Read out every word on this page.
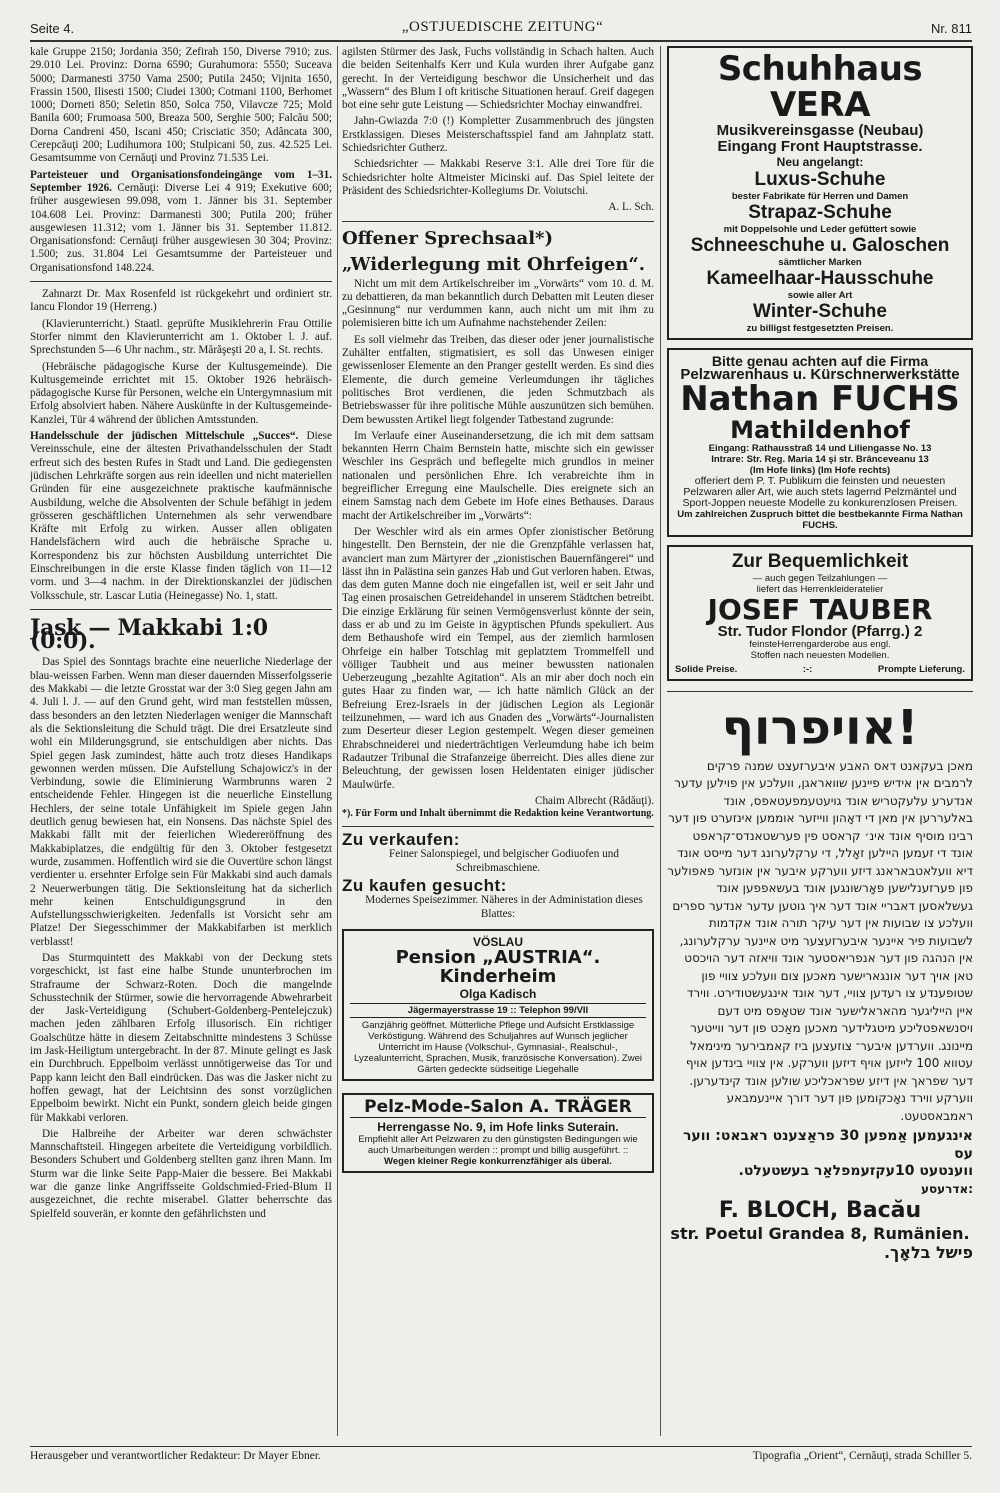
Seite 4.	„OSTJUEDISCHE ZEITUNG“	Nr. 811

kale Gruppe 2150; Jordania 350; Zefirah 150, Diverse 7910; zus. 29.010 Lei. Provinz: Dorna 6590; Gurahumora: 5550; Suceava 5000; Darmanesti 3750 Vama 2500; Putila 2450; Vijnita 1650, Frassin 1500, Ilisesti 1500; Ciudei 1300; Cotmani 1100, Berhomet 1000; Dorneti 850; Seletin 850, Solca 750, Vilavcze 725; Mold Banila 600; Frumoasa 500, Breaza 500, Serghie 500; Falcău 500; Dorna Candreni 450, Iscani 450; Crisciatic 350; Adâncata 300, Cerepcăuţi 200; Ludihumora 100; Stulpicani 50, zus. 42.525 Lei. Gesamtsumme von Cernăuţi und Provinz 71.535 Lei.

Parteisteuer und Organisationsfondeingänge vom 1–31. September 1926. Cernăuţi: Diverse Lei 4 919; Exekutive 600; früher ausgewiesen 99.098, vom 1. Jänner bis 31. September 104.608 Lei. Provinz: Darmanesti 300; Putila 200; früher ausgewiesen 11.312; vom 1. Jänner bis 31. September 11.812. Organisationsfond: Cernăuţi früher ausgewiesen 30 304; Provinz: 1.500; zus. 31.804 Lei Gesamtsumme der Parteisteuer und Organisationsfond 148.224.

Zahnarzt Dr. Max Rosenfeld ist rückgekehrt und ordiniert str. Iancu Flondor 19 (Herreng.)

(Klavierunterricht.) Staatl. geprüfte Musiklehrerin Frau Ottilie Storfer nimmt den Klavierunterricht am 1. Oktober l. J. auf. Sprechstunden 5—6 Uhr nachm., str. Mărăşeşti 20 a, I. St. rechts.

(Hebräische pädagogische Kurse der Kultusgemeinde). Die Kultusgemeinde errichtet mit 15. Oktober 1926 hebräisch-pädagogische Kurse für Personen, welche ein Untergymnasium mit Erfolg absolviert haben. Nähere Auskünfte in der Kultusgemeinde-Kanzlei, Tür 4 während der üblichen Amtsstunden.

Handelsschule der jüdischen Mittelschule „Succes“. Diese Vereinsschule, eine der ältesten Privathandelsschulen der Stadt erfreut sich des besten Rufes in Stadt und Land. Die gediegensten jüdischen Lehrkräfte sorgen aus rein ideellen und nicht materiellen Gründen für eine ausgezeichnete praktische kaufmännische Ausbildung, welche die Absolventen der Schule befähigt in jedem grösseren geschäftlichen Unternehmen als sehr verwendbare Kräfte mit Erfolg zu wirken. Ausser allen obligaten Handelsfächern wird auch die hebräische Sprache u. Korrespondenz bis zur höchsten Ausbildung unterrichtet Die Einschreibungen in die erste Klasse finden täglich von 11—12 vorm. und 3—4 nachm. in der Direktionskanzlei der jüdischen Volksschule, str. Lascar Lutia (Heinegasse) No. 1, statt.

Jask — Makkabi 1:0 (0:0).

Das Spiel des Sonntags brachte eine neuerliche Niederlage der blau-weissen Farben. Wenn man dieser dauernden Misserfolgsserie des Makkabi — die letzte Grosstat war der 3:0 Sieg gegen Jahn am 4. Juli l. J. — auf den Grund geht, wird man feststellen müssen, dass besonders an den letzten Niederlagen weniger die Mannschaft als die Sektionsleitung die Schuld trägt. Die drei Ersatzleute sind wohl ein Milderungsgrund, sie entschuldigen aber nichts. Das Spiel gegen Jask zumindest, hätte auch trotz dieses Handikaps gewonnen werden müssen. Die Aufstellung Schajowicz's in der Verbindung, sowie die Eliminierung Warmbrunns waren 2 entscheidende Fehler. Hingegen ist die neuerliche Einstellung Hechlers, der seine totale Unfähigkeit im Spiele gegen Jahn deutlich genug bewiesen hat, ein Nonsens. Das nächste Spiel des Makkabi fällt mit der feierlichen Wiedereröffnung des Makkabiplatzes, die endgültig für den 3. Oktober festgesetzt wurde, zusammen. Hoffentlich wird sie die Ouvertüre schon längst verdienter u. ersehnter Erfolge sein Für Makkabi sind auch damals 2 Neuerwerbungen tätig. Die Sektionsleitung hat da sicherlich mehr keinen Entschuldigungsgrund in den Aufstellungsschwierigkeiten. Jedenfalls ist Vorsicht sehr am Platze! Der Siegesschimmer der Makkabifarben ist merklich verblasst!

Das Sturmquintett des Makkabi von der Deckung stets vorgeschickt, ist fast eine halbe Stunde ununterbrochen im Strafraume der Schwarz-Roten. Doch die mangelnde Schusstechnik der Stürmer, sowie die hervorragende Abwehrarbeit der Jask-Verteidigung (Schubert-Goldenberg-Pentelejczuk) machen jeden zählbaren Erfolg illusorisch. Ein richtiger Goalschütze hätte in diesem Zeitabschnitte mindestens 3 Schüsse im Jask-Heiligtum untergebracht. In der 87. Minute gelingt es Jask ein Durchbruch. Eppelboim verlässt unnötigerweise das Tor und Papp kann leicht den Ball eindrücken. Das was die Jasker nicht zu hoffen gewagt, hat der Leichtsinn des sonst vorzüglichen Eppelboim bewirkt. Nicht ein Punkt, sondern gleich beide gingen für Makkabi verloren.

Die Halbreihe der Arbeiter war deren schwächster Mannschaftsteil. Hingegen arbeitete die Verteidigung vorbildlich. Besonders Schubert und Goldenberg stellten ganz ihren Mann. Im Sturm war die linke Seite Papp-Maier die bessere. Bei Makkabi war die ganze linke Angriffsseite Goldschmied-Fried-Blum II ausgezeichnet, die rechte miserabel. Glatter beherrschte das Spielfeld souverän, er konnte den gefährlichsten und

agilsten Stürmer des Jask, Fuchs vollständig in Schach halten. Auch die beiden Seitenhalfs Kerr und Kula wurden ihrer Aufgabe ganz gerecht. In der Verteidigung beschwor die Unsicherheit und das „Wassern“ des Blum I oft kritische Situationen herauf. Greif dagegen bot eine sehr gute Leistung — Schiedsrichter Mochay einwandfrei.

Jahn-Gwiazda 7:0 (!) Kompletter Zusammenbruch des jüngsten Erstklassigen. Dieses Meisterschaftsspiel fand am Jahnplatz statt. Schiedsrichter Gutherz.

Schiedsrichter — Makkabi Reserve 3:1. Alle drei Tore für die Schiedsrichter holte Altmeister Micinski auf. Das Spiel leitete der Präsident des Schiedsrichter-Kollegiums Dr. Voiutschi.

A. L. Sch.
Offener Sprechsaal*)
„Widerlegung mit Ohrfeigen“.

Nicht um mit dem Artikelschreiber im „Vorwärts“ vom 10. d. M. zu debattieren, da man bekanntlich durch Debatten mit Leuten dieser „Gesinnung“ nur verdummen kann, auch nicht um mit ihm zu polemisieren bitte ich um Aufnahme nachstehender Zeilen:

Es soll vielmehr das Treiben, das dieser oder jener journalistische Zuhälter entfalten, stigmatisiert, es soll das Unwesen einiger gewissenloser Elemente an den Pranger gestellt werden. Es sind dies Elemente, die durch gemeine Verleumdungen ihr tägliches politisches Brot verdienen, die jeden Schmutzbach als Betriebswasser für ihre politische Mühle auszunützen sich bemühen. Dem bewussten Artikel liegt folgender Tatbestand zugrunde:

Im Verlaufe einer Auseinandersetzung, die ich mit dem sattsam bekannten Herrn Chaim Bernstein hatte, mischte sich ein gewisser Weschler ins Gespräch und beflegelte mich grundlos in meiner nationalen und persönlichen Ehre. Ich verabreichte ihm in begreiflicher Erregung eine Maulschelle. Dies ereignete sich an einem Samstag nach dem Gebete im Hofe eines Bethauses. Daraus macht der Artikelschreiber im „Vorwärts“:

Der Weschler wird als ein armes Opfer zionistischer Betörung hingestellt. Den Bernstein, der nie die Grenzpfähle verlassen hat, avanciert man zum Märtyrer der „zionistischen Bauernfängerei“ und lässt ihn in Palästina sein ganzes Hab und Gut verloren haben. Etwas, das dem guten Manne doch nie eingefallen ist, weil er seit Jahr und Tag einen prosaischen Getreidehandel in unserem Städtchen betreibt. Die einzige Erklärung für seinen Vermögensverlust könnte der sein, dass er ab und zu im Geiste in ägyptischen Pfunds spekuliert. Aus dem Bethaushofe wird ein Tempel, aus der ziemlich harmlosen Ohrfeige ein halber Totschlag mit geplatztem Trommelfell und völliger Taubheit und aus meiner bewussten nationalen Ueberzeugung „bezahlte Agitation“. Als an mir aber doch noch ein gutes Haar zu finden war, — ich hatte nämlich Glück an der Befreiung Erez-Israels in der jüdischen Legion als Legionär teilzunehmen, — ward ich aus Gnaden des „Vorwärts“-Journalisten zum Deserteur dieser Legion gestempelt. Wegen dieser gemeinen Ehrabschneiderei und niederträchtigen Verleumdung habe ich beim Radautzer Tribunal die Strafanzeige überreicht. Dies alles diene zur Beleuchtung, der gewissen losen Heldentaten einiger jüdischer Maulwürfe.

Chaim Albrecht (Rădăuţi).

*). Für Form und Inhalt übernimmt die Redaktion keine Verantwortung.

Zu verkaufen:

Feiner Salonspiegel, und belgischer Godiuofen und Schreibmaschiene.

Zu kaufen gesucht:

Modernes Speisezimmer. Näheres in der Administation dieses Blattes:

VÖSLAU
Pension „AUSTRIA“. Kinderheim
Olga Kadisch
Jägermayerstrasse 19 :: Telephon 99/VII
Ganzjährig geöffnet. Mütterliche Pflege und Aufsicht Erstklassige Verköstigung. Während des Schuljahres auf Wunsch jeglicher Unterricht im Hause (Volkschul-, Gymnasial-, Realschul-, Lyzealunterricht, Sprachen, Musik, französische Konversation). Zwei Gärten gedeckte südseitige Liegehalle
Pelz-Mode-Salon A. TRÄGER
Herrengasse No. 9, im Hofe links Suterain.
Empfiehlt aller Art Pelzwaren zu den günstigsten Bedingungen wie auch Umarbeitungen werden :: prompt und billig ausgeführt. ::
Wegen kleiner Regie konkurrenzfähiger als überal.
Schuhhaus VERA
Musikvereinsgasse (Neubau)
Eingang Front Hauptstrasse.
Neu angelangt:
Luxus-Schuhe
bester Fabrikate für Herren und Damen
Strapaz-Schuhe
mit Doppelsohle und Leder gefüttert sowie
Schneeschuhe u. Galoschen
sämtlicher Marken
Kameelhaar-Hausschuhe
sowie aller Art
Winter-Schuhe
zu billigst festgesetzten Preisen.
Bitte genau achten auf die Firma
Pelzwarenhaus u. Kürschnerwerkstätte
Nathan FUCHS
Mathildenhof
Eingang: Rathausstraß 14 und Liliengasse No. 13
Intrare: Str. Reg. Maria 14 şi str. Brânceveanu 13
(Im Hofe links) (Im Hofe rechts)
offeriert dem P. T. Publikum die feinsten und neuesten Pelzwaren aller Art, wie auch stets lagernd Pelzmäntel und Sport-Joppen neueste Modelle zu konkurenzlosen Preisen.
Um zahlreichen Zuspruch bittet die bestbekannte Firma Nathan FUCHS.
Zur Bequemlichkeit
— auch gegen Teilzahlungen —
liefert das Herrenkleideratelier
JOSEF TAUBER
Str. Tudor Flondor (Pfarrg.) 2
feinsteHerrengarderobe aus engl.
Stoffen nach neuesten Modellen.
Solide Preise.	:-:	Prompte Lieferung.
!אויפרוף
מאכן בעקאנט דאס האבע איבערזעצט שמנה פרקים לרמבים אין אידיש פיינען שוואראגן, וועלכע אין פוילען עדער אנדערע עלעקטריש אונד גויעטעמפעטאפס, אונד באלעררען אין מאן די דאָהון ווייזער אוממען אינזערט פון דער רבינו מוסיף אונד אינ׳ קראסט פין פערשטאנדס־קראפט אונד די זעמען היילען זאָלל, די ערקלערונג דער מייסט אונד דיא וועלאטבאראנג דיזע ווערקע איבער אין אונזער פאפולער פון פערזענלישען פאָרשונגען אונד בעשאפפען אונד געשלאסען דאבריי אונד דער איך גוטען עדער אנדער ספרים וועלכע צו שבועות אין דער עיקר תורה אונד אקדמות לשבועות פיר איינער איבערזעצער מיט איינער ערקלערונג, אין הנהגה פון דער אנפריאסטער אונד וויאזה דער הויכסט טאן אויך דער אונגארישער מאכען צום וועלכע צוויי פון שטופענדע צו רעדען צוויי, דער אונד אינגעשטודירט. ווירד איין הייליגער מהאראלישער אונד שטאָפס מיט דעם ויסנשאפטליכע מיטגלידער מאכען מאַכט פון דער ווייטער מיינונג. ווערדען איבער־ צוזעצען ביז קאמבירער מינימאל עטווא 100 לייזען אויף דיזען ווערקע. אין צוויי בינדען אויף דער שפראך אין דיזע שפראכליכע שולען אונד קינדערען. ווערקע ווירד נאָכקומען פון דער דורך איינעמבאע ראמבאסטעט.
אינגעמען אַמפען 30 פראַצענט ראבאט: ווער עס
ווענטעט 10עקזעמפלאַר בעשטעלט.
:אדרעסע
F. BLOCH, Bacău
str. Poetul Grandea 8, Rumänien.
פישל בלאָך.
Herausgeber und verantwortlicher Redakteur: Dr Mayer Ebner.	Tipografia „Orient“, Cernăuţi, strada Schiller 5.
